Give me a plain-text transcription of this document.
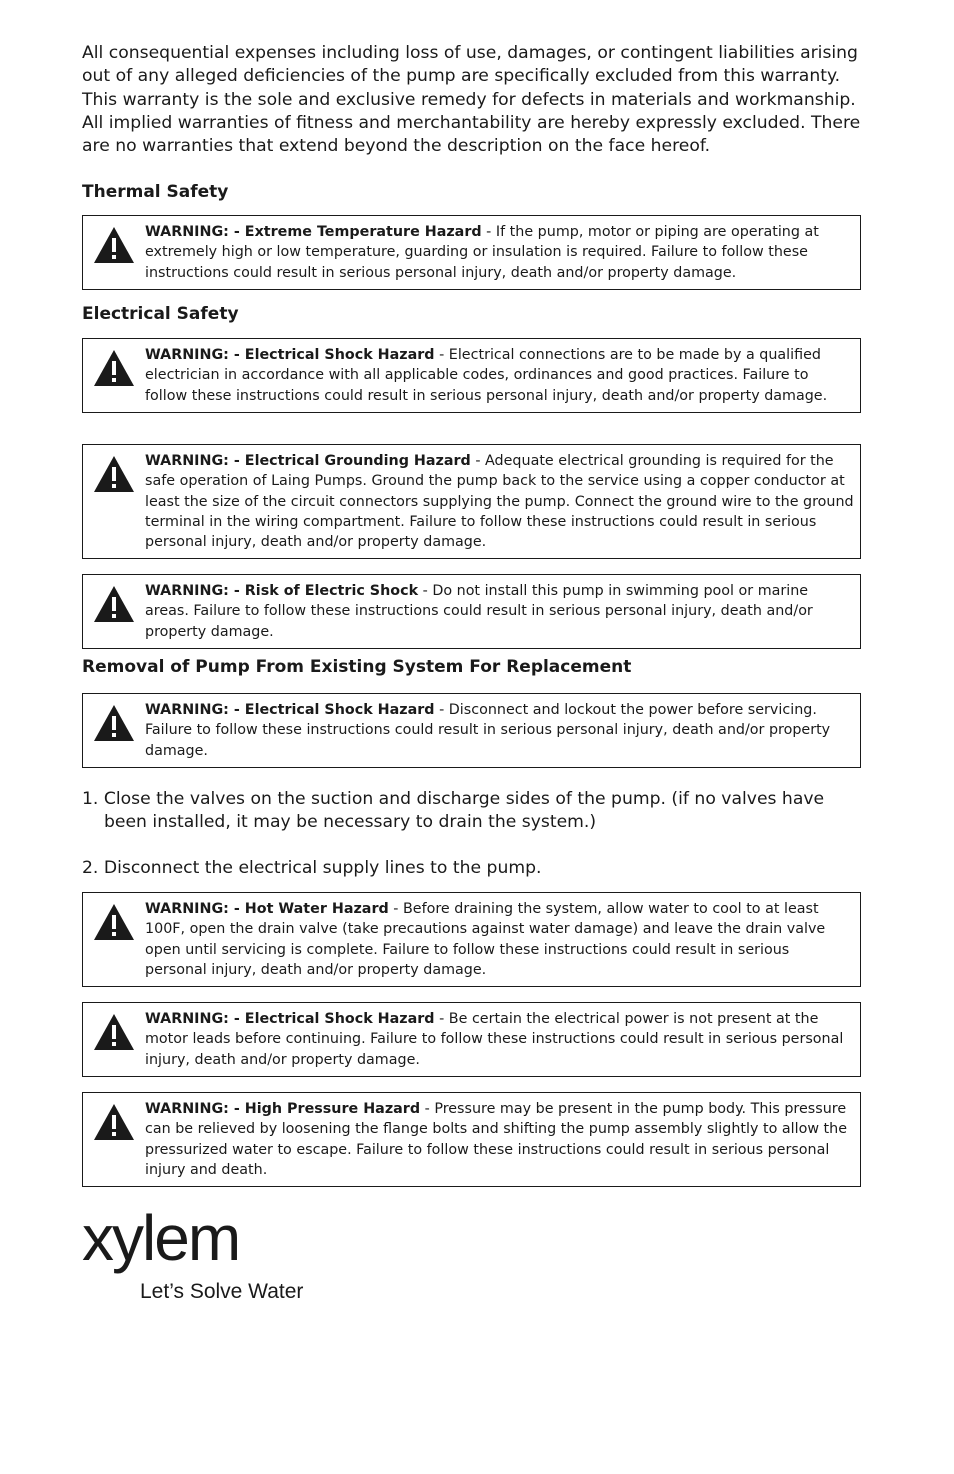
All consequential expenses including loss of use, damages, or contingent liabilities arising out of any alleged deficiencies of the pump are specifically excluded from this warranty. This warranty is the sole and exclusive remedy for defects in materials and workmanship. All implied warranties of fitness and merchantability are hereby expressly excluded. There are no warranties that extend beyond the description on the face hereof.

Thermal Safety
WARNING: - Extreme Temperature Hazard - If the pump, motor or piping are operating at extremely high or low temperature, guarding or insulation is required. Failure to follow these instructions could result in serious personal injury, death and/or property damage.
Electrical Safety
WARNING: - Electrical Shock Hazard - Electrical connections are to be made by a qualified electrician in accordance with all applicable codes, ordinances and good practices. Failure to follow these instructions could result in serious personal injury, death and/or property damage.
WARNING: - Electrical Grounding Hazard - Adequate electrical grounding is required for the safe operation of Laing Pumps. Ground the pump back to the service using a copper conductor at least the size of the circuit connectors supplying the pump. Connect the ground wire to the ground terminal in the wiring compartment. Failure to follow these instructions could result in serious personal injury, death and/or property damage.
WARNING: - Risk of Electric Shock - Do not install this pump in swimming pool or marine areas. Failure to follow these instructions could result in serious personal injury, death and/or property damage.
Removal of Pump From Existing System For Replacement
WARNING: - Electrical Shock Hazard - Disconnect and lockout the power before servicing. Failure to follow these instructions could result in serious personal injury, death and/or property damage.

1. Close the valves on the suction and discharge sides of the pump. (if no valves have been installed, it may be necessary to drain the system.)

2. Disconnect the electrical supply lines to the pump.

WARNING: - Hot Water Hazard - Before draining the system, allow water to cool to at least 100F, open the drain valve (take precautions against water damage) and leave the drain valve open until servicing is complete. Failure to follow these instructions could result in serious personal injury, death and/or property damage.
WARNING: - Electrical Shock Hazard - Be certain the electrical power is not present at the motor leads before continuing. Failure to follow these instructions could result in serious personal injury, death and/or property damage.
WARNING: - High Pressure Hazard - Pressure may be present in the pump body. This pressure can be relieved by loosening the flange bolts and shifting the pump assembly slightly to allow the pressurized water to escape. Failure to follow these instructions could result in serious personal injury and death.
xylem
Let’s Solve Water
